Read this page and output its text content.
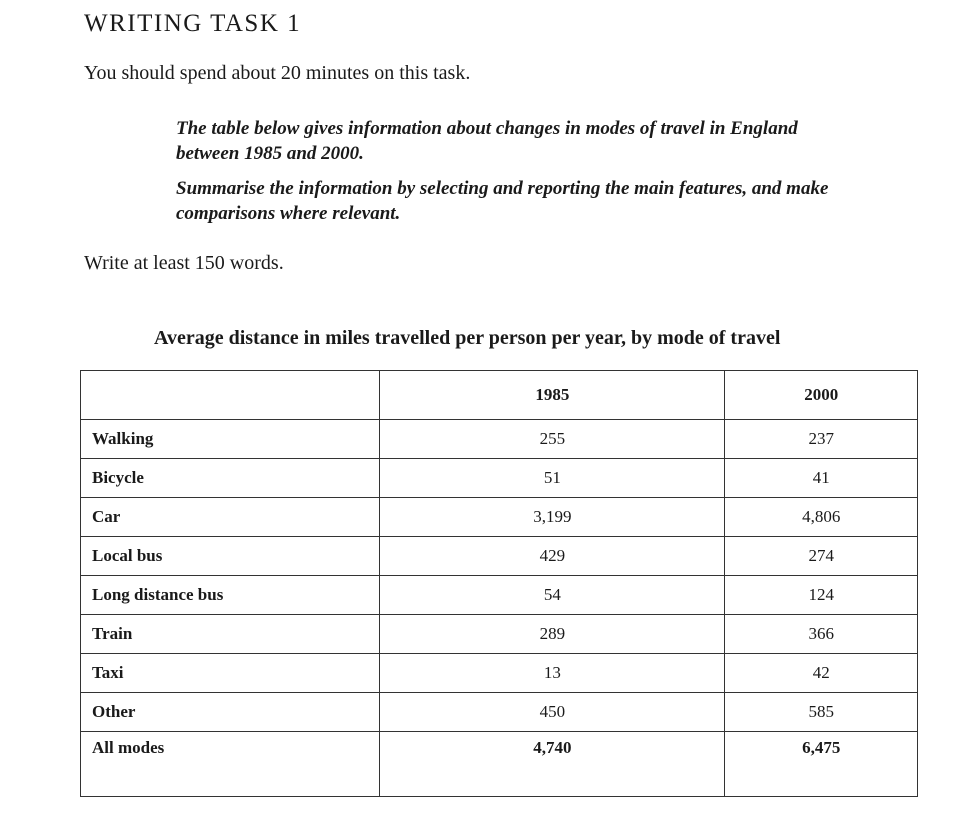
WRITING TASK 1

You should spend about 20 minutes on this task.

The table below gives information about changes in modes of travel in England between 1985 and 2000.

Summarise the information by selecting and reporting the main features, and make comparisons where relevant.

Write at least 150 words.

Average distance in miles travelled per person per year, by mode of travel

	1985	2000
Walking	255	237
Bicycle	51	41
Car	3,199	4,806
Local bus	429	274
Long distance bus	54	124
Train	289	366
Taxi	13	42
Other	450	585
All modes	4,740	6,475
